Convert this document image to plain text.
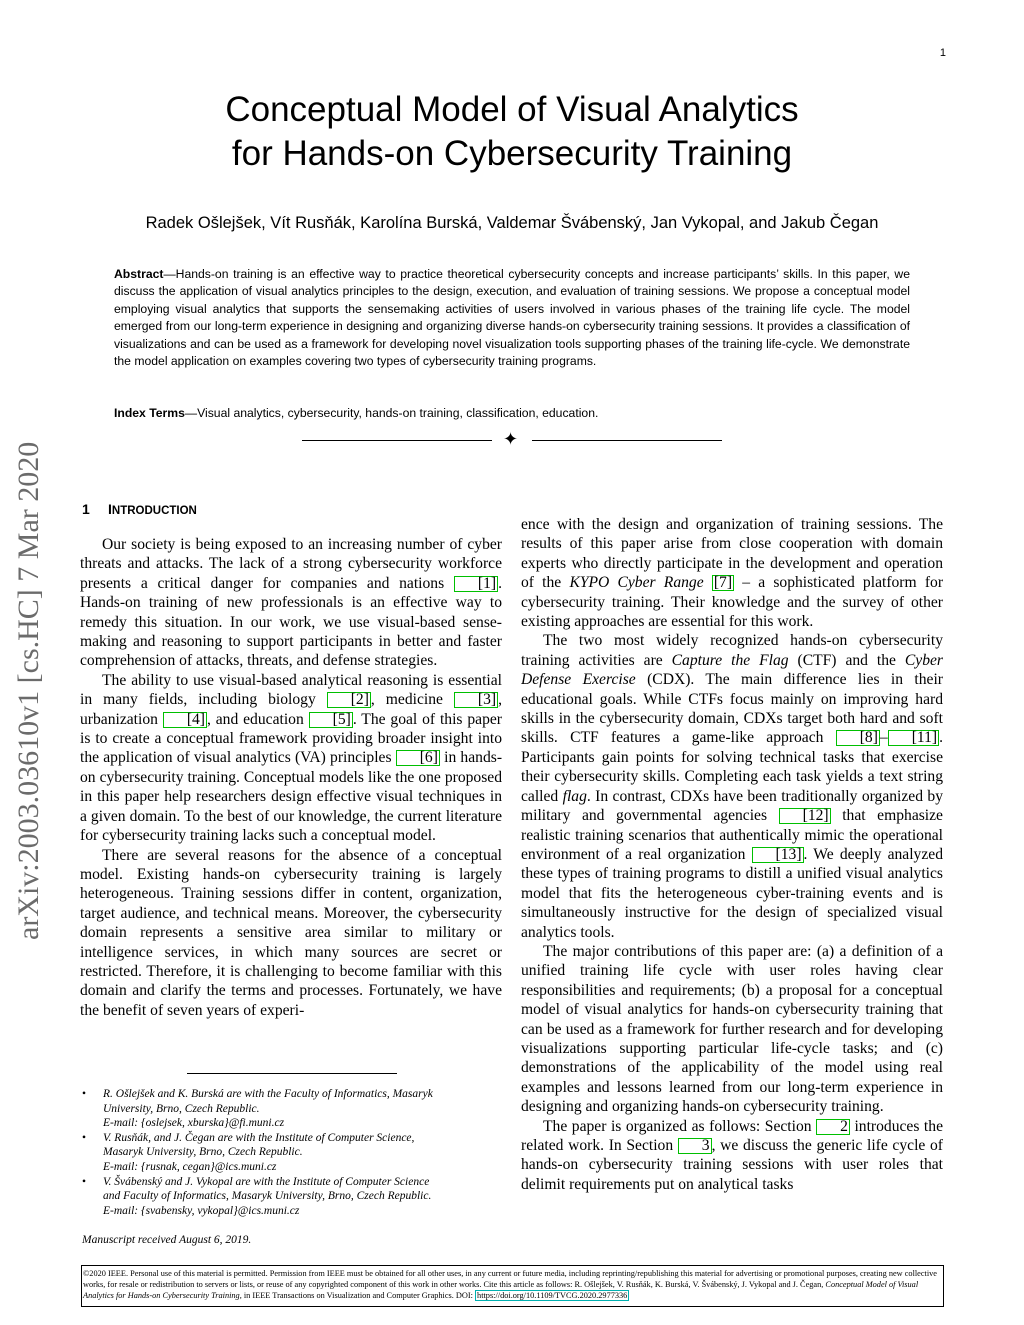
1
Conceptual Model of Visual Analytics
for Hands-on Cybersecurity Training
Radek Ošlejšek, Vít Rusňák, Karolína Burská, Valdemar Švábenský, Jan Vykopal, and Jakub Čegan
Abstract—Hands-on training is an effective way to practice theoretical cybersecurity concepts and increase participants’ skills. In this paper, we discuss the application of visual analytics principles to the design, execution, and evaluation of training sessions. We propose a conceptual model employing visual analytics that supports the sensemaking activities of users involved in various phases of the training life cycle. The model emerged from our long-term experience in designing and organizing diverse hands-on cybersecurity training sessions. It provides a classification of visualizations and can be used as a framework for developing novel visualization tools supporting phases of the training life-cycle. We demonstrate the model application on examples covering two types of cybersecurity training programs.
Index Terms—Visual analytics, cybersecurity, hands-on training, classification, education.
✦
arXiv:2003.03610v1 [cs.HC] 7 Mar 2020	1 INTRODUCTION

Our society is being exposed to an increasing number of cyber threats and attacks. The lack of a strong cybersecurity workforce presents a critical danger for companies and nations [1] . Hands-on training of new professionals is an effective way to remedy this situation. In our work, we use visual-based sense-making and reasoning to support participants in better and faster comprehension of attacks, threats, and defense strategies.

The ability to use visual-based analytical reasoning is essential in many fields, including biology [2] , medicine [3] , urbanization [4] , and education [5] . The goal of this paper is to create a conceptual framework providing broader insight into the application of visual analytics (VA) principles [6] in hands-on cybersecurity training. Conceptual models like the one proposed in this paper help researchers design effective visual techniques in a given domain. To the best of our knowledge, the current literature for cybersecurity training lacks such a conceptual model.

There are several reasons for the absence of a conceptual model. Existing hands-on cybersecurity training is largely heterogeneous. Training sessions differ in content, organization, target audience, and technical means. Moreover, the cybersecurity domain represents a sensitive area similar to military or intelligence services, in which many sources are secret or restricted. Therefore, it is challenging to become familiar with this domain and clarify the terms and processes. Fortunately, we have the benefit of seven years of experi-

ence with the design and organization of training sessions. The results of this paper arise from close cooperation with domain experts who directly participate in the development and operation of the KYPO Cyber Range [7] – a sophisticated platform for cybersecurity training. Their knowledge and the survey of other existing approaches are essential for this work.

The two most widely recognized hands-on cybersecurity training activities are Capture the Flag (CTF) and the Cyber Defense Exercise (CDX). The main difference lies in their educational goals. While CTFs focus mainly on improving hard skills in the cybersecurity domain, CDXs target both hard and soft skills. CTF features a game-like approach [8] – [11] . Participants gain points for solving technical tasks that exercise their cybersecurity skills. Completing each task yields a text string called flag. In contrast, CDXs have been traditionally organized by military and governmental agencies [12] that emphasize realistic training scenarios that authentically mimic the operational environment of a real organization [13] . We deeply analyzed these types of training programs to distill a unified visual analytics model that fits the heterogeneous cyber-training events and is simultaneously instructive for the design of specialized visual analytics tools.

The major contributions of this paper are: (a) a definition of a unified training life cycle with user roles having clear responsibilities and requirements; (b) a proposal for a conceptual model of visual analytics for hands-on cybersecurity training that can be used as a framework for further research and for developing visualizations supporting particular life-cycle tasks; and (c) demonstrations of the applicability of the model using real examples and lessons learned from our long-term experience in designing and organizing hands-on cybersecurity training.

The paper is organized as follows: Section 2 introduces the related work. In Section 3 , we discuss the generic life cycle of hands-on cybersecurity training sessions with user roles that delimit requirements put on analytical tasks

• R. Ošlejšek and K. Burská are with the Faculty of Informatics, Masaryk
University, Brno, Czech Republic.
E-mail: {oslejsek, xburska}@fi.muni.cz
• V. Rusňák, and J. Čegan are with the Institute of Computer Science,
Masaryk University, Brno, Czech Republic.
E-mail: {rusnak, cegan}@ics.muni.cz
• V. Švábenský and J. Vykopal are with the Institute of Computer Science
and Faculty of Informatics, Masaryk University, Brno, Czech Republic.
E-mail: {svabensky, vykopal}@ics.muni.cz
Manuscript received August 6, 2019.
©2020 IEEE. Personal use of this material is permitted. Permission from IEEE must be obtained for all other uses, in any current or future media, including reprinting/republishing this material for advertising or promotional purposes, creating new collective works, for resale or redistribution to servers or lists, or reuse of any copyrighted component of this work in other works. Cite this article as follows: R. Ošlejšek, V. Rusňák, K. Burská, V. Švábenský, J. Vykopal and J. Čegan, Conceptual Model of Visual Analytics for Hands-on Cybersecurity Training, in IEEE Transactions on Visualization and Computer Graphics. DOI: https://doi.org/10.1109/TVCG.2020.2977336
